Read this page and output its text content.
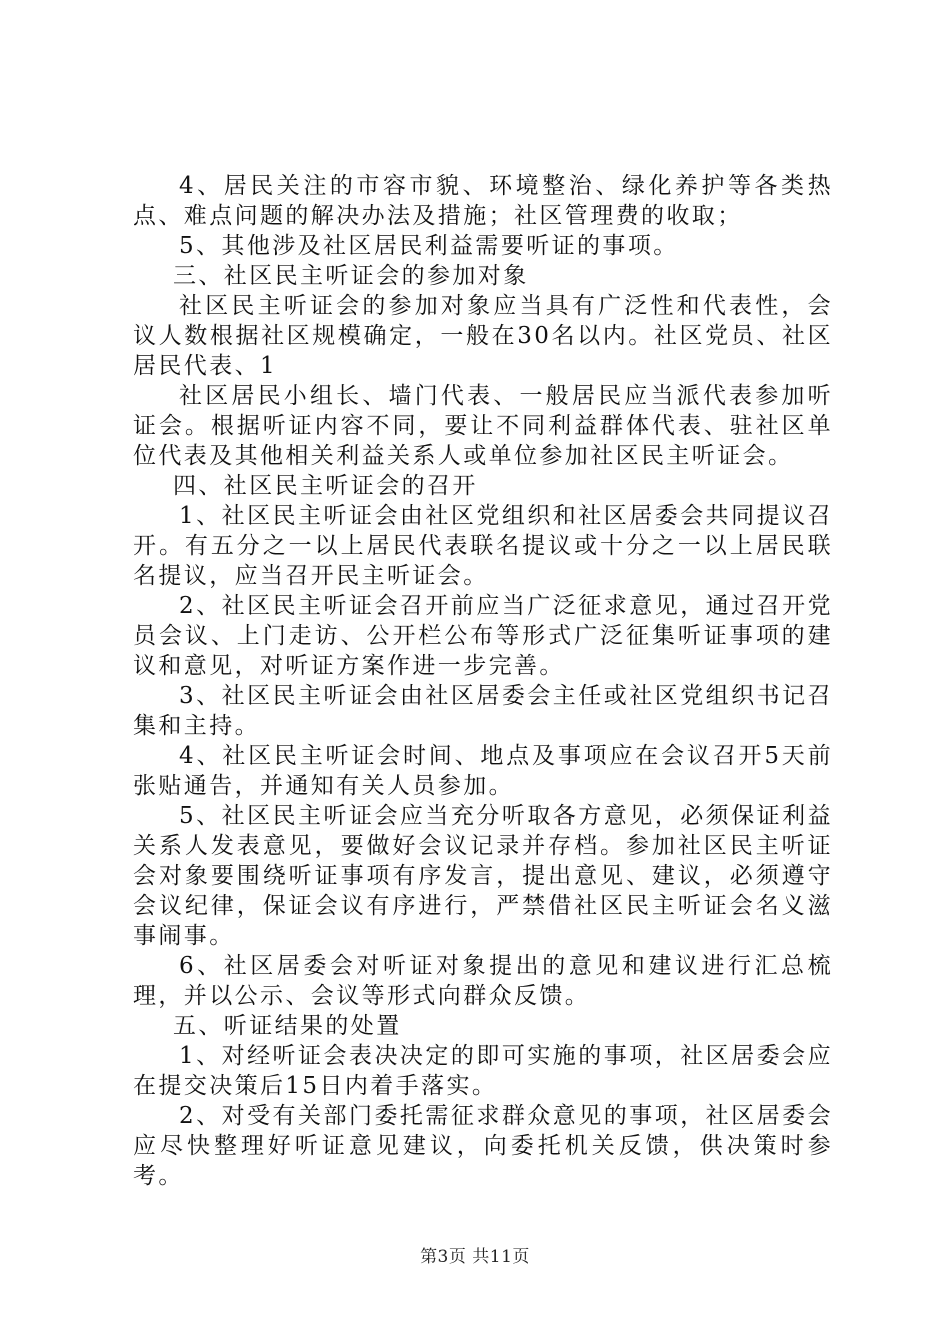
4、居民关注的市容市貌、环境整治、绿化养护等各类热点、难点问题的解决办法及措施；社区管理费的收取；

5、其他涉及社区居民利益需要听证的事项。

三、社区民主听证会的参加对象

社区民主听证会的参加对象应当具有广泛性和代表性，会议人数根据社区规模确定，一般在30名以内。社区党员、社区居民代表、1

社区居民小组长、墙门代表、一般居民应当派代表参加听证会。根据听证内容不同，要让不同利益群体代表、驻社区单位代表及其他相关利益关系人或单位参加社区民主听证会。

四、社区民主听证会的召开

1、社区民主听证会由社区党组织和社区居委会共同提议召开。有五分之一以上居民代表联名提议或十分之一以上居民联名提议，应当召开民主听证会。

2、社区民主听证会召开前应当广泛征求意见，通过召开党员会议、上门走访、公开栏公布等形式广泛征集听证事项的建议和意见，对听证方案作进一步完善。

3、社区民主听证会由社区居委会主任或社区党组织书记召集和主持。

4、社区民主听证会时间、地点及事项应在会议召开5天前张贴通告，并通知有关人员参加。

5、社区民主听证会应当充分听取各方意见，必须保证利益关系人发表意见，要做好会议记录并存档。参加社区民主听证会对象要围绕听证事项有序发言，提出意见、建议，必须遵守会议纪律，保证会议有序进行，严禁借社区民主听证会名义滋事闹事。

6、社区居委会对听证对象提出的意见和建议进行汇总梳理，并以公示、会议等形式向群众反馈。

五、听证结果的处置

1、对经听证会表决决定的即可实施的事项，社区居委会应在提交决策后15日内着手落实。

2、对受有关部门委托需征求群众意见的事项，社区居委会应尽快整理好听证意见建议，向委托机关反馈，供决策时参考。

第3页 共11页
